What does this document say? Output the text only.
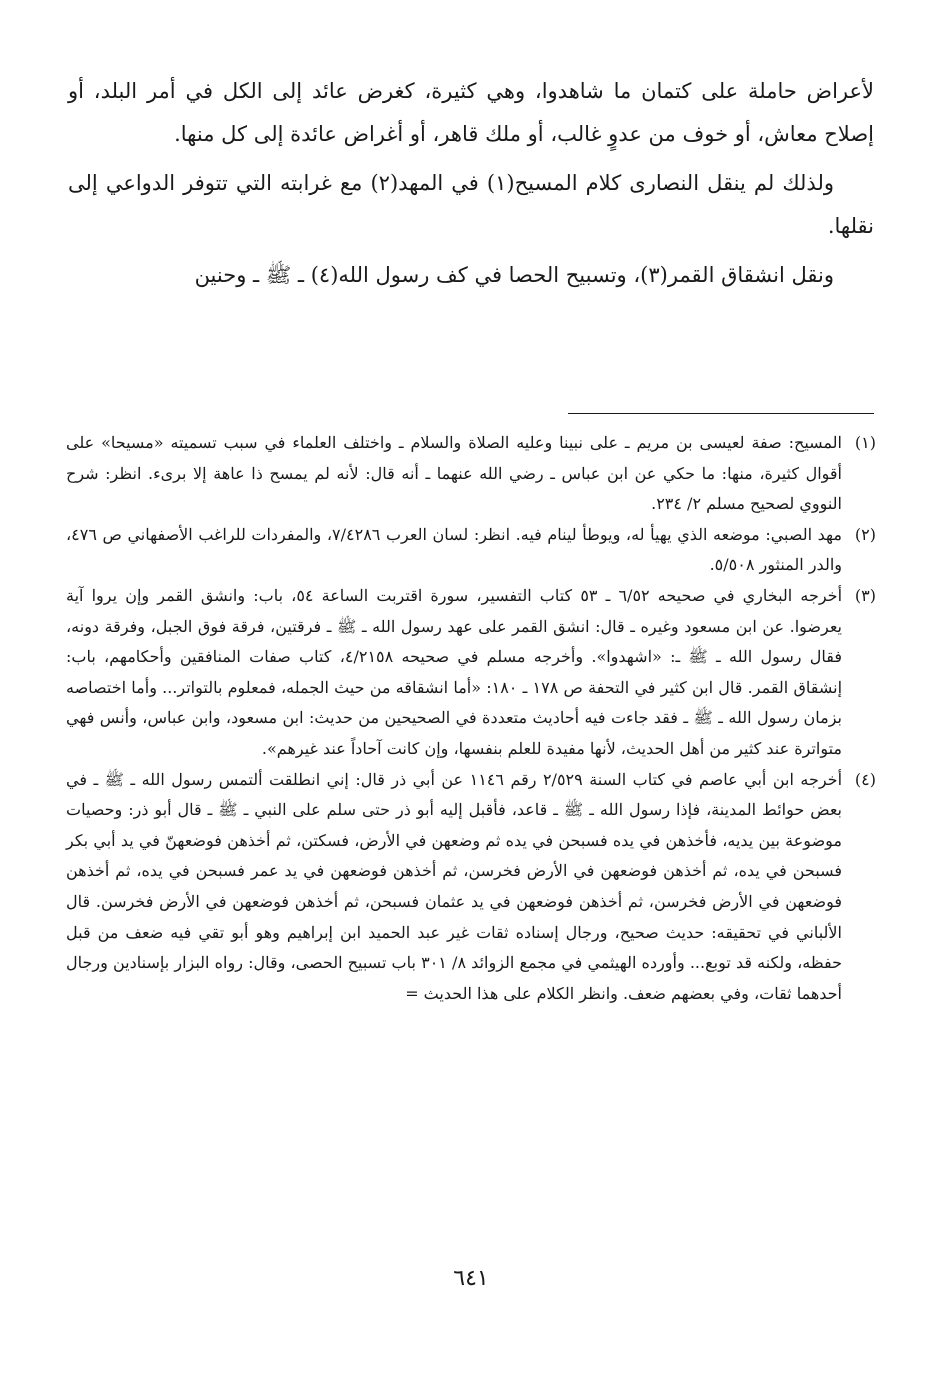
لأعراض حاملة على كتمان ما شاهدوا، وهي كثيرة، كغرض عائد إلى الكل في أمر البلد، أو إصلاح معاش، أو خوف من عدوٍ غالب، أو ملك قاهر، أو أغراض عائدة إلى كل منها.

ولذلك لم ينقل النصارى كلام المسيح(١) في المهد(٢) مع غرابته التي تتوفر الدواعي إلى نقلها.

ونقل انشقاق القمر(٣)، وتسبيح الحصا في كف رسول الله(٤) ـ ﷺ ـ وحنين

(١)
المسيح: صفة لعيسى بن مريم ـ على نبينا وعليه الصلاة والسلام ـ واختلف العلماء في سبب تسميته «مسيحا» على أقوال كثيرة، منها: ما حكي عن ابن عباس ـ رضي الله عنهما ـ أنه قال: لأنه لم يمسح ذا عاهة إلا برىء. انظر: شرح النووي لصحيح مسلم ٢/ ٢٣٤.
(٢)
مهد الصبي: موضعه الذي يهيأ له، ويوطأ لينام فيه. انظر: لسان العرب ٧/٤٢٨٦، والمفردات للراغب الأصفهاني ص ٤٧٦، والدر المنثور ٥/٥٠٨.
(٣)
أخرجه البخاري في صحيحه ٦/٥٢ ـ ٥٣ كتاب التفسير، سورة اقتربت الساعة ٥٤، باب: وانشق القمر وإن يروا آية يعرضوا. عن ابن مسعود وغيره ـ قال: انشق القمر على عهد رسول الله ـ ﷺ ـ فرقتين، فرقة فوق الجبل، وفرقة دونه، فقال رسول الله ـ ﷺ ـ: «اشهدوا». وأخرجه مسلم في صحيحه ٤/٢١٥٨، كتاب صفات المنافقين وأحكامهم، باب: إنشقاق القمر. قال ابن كثير في التحفة ص ١٧٨ ـ ١٨٠: «أما انشقاقه من حيث الجمله، فمعلوم بالتواتر... وأما اختصاصه بزمان رسول الله ـ ﷺ ـ فقد جاءت فيه أحاديث متعددة في الصحيحين من حديث: ابن مسعود، وابن عباس، وأنس فهي متواترة عند كثير من أهل الحديث، لأنها مفيدة للعلم بنفسها، وإن كانت آحاداً عند غيرهم».
(٤)
أخرجه ابن أبي عاصم في كتاب السنة ٢/٥٢٩ رقم ١١٤٦ عن أبي ذر قال: إني انطلقت ألتمس رسول الله ـ ﷺ ـ في بعض حوائط المدينة، فإذا رسول الله ـ ﷺ ـ قاعد، فأقبل إليه أبو ذر حتى سلم على النبي ـ ﷺ ـ قال أبو ذر: وحصيات موضوعة بين يديه، فأخذهن في يده فسبحن في يده ثم وضعهن في الأرض، فسكتن، ثم أخذهن فوضعهنّ في يد أبي بكر فسبحن في يده، ثم أخذهن فوضعهن في الأرض فخرسن، ثم أخذهن فوضعهن في يد عمر فسبحن في يده، ثم أخذهن فوضعهن في الأرض فخرسن، ثم أخذهن فوضعهن في يد عثمان فسبحن، ثم أخذهن فوضعهن في الأرض فخرسن. قال الألباني في تحقيقه: حديث صحيح، ورجال إسناده ثقات غير عبد الحميد ابن إبراهيم وهو أبو تقي فيه ضعف من قبل حفظه، ولكنه قد توبع... وأورده الهيثمي في مجمع الزوائد ٨/ ٣٠١ باب تسبيح الحصى، وقال: رواه البزار بإسنادين ورجال أحدهما ثقات، وفي بعضهم ضعف. وانظر الكلام على هذا الحديث =
٦٤١
